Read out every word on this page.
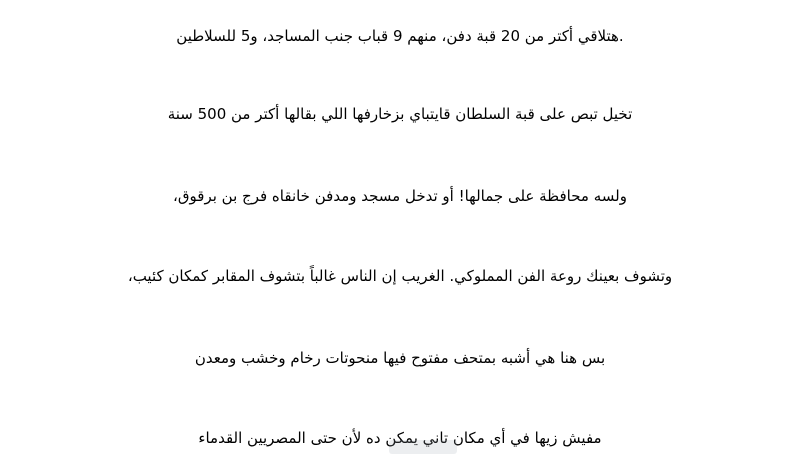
.هتلاقي أكتر من 20 قبة دفن، منهم 9 قباب جنب المساجد، و5 للسلاطين
تخيل تبص على قبة السلطان قايتباي بزخارفها اللي بقالها أكتر من 500 سنة
ولسه محافظة على جمالها! أو تدخل مسجد ومدفن خانقاه فرج بن برقوق،
وتشوف بعينك روعة الفن المملوكي. الغريب إن الناس غالباً بتشوف المقابر كمكان كئيب،
بس هنا هي أشبه بمتحف مفتوح فيها منحوتات رخام وخشب ومعدن
مفيش زيها في أي مكان تاني يمكن ده لأن حتى المصريين القدماء
